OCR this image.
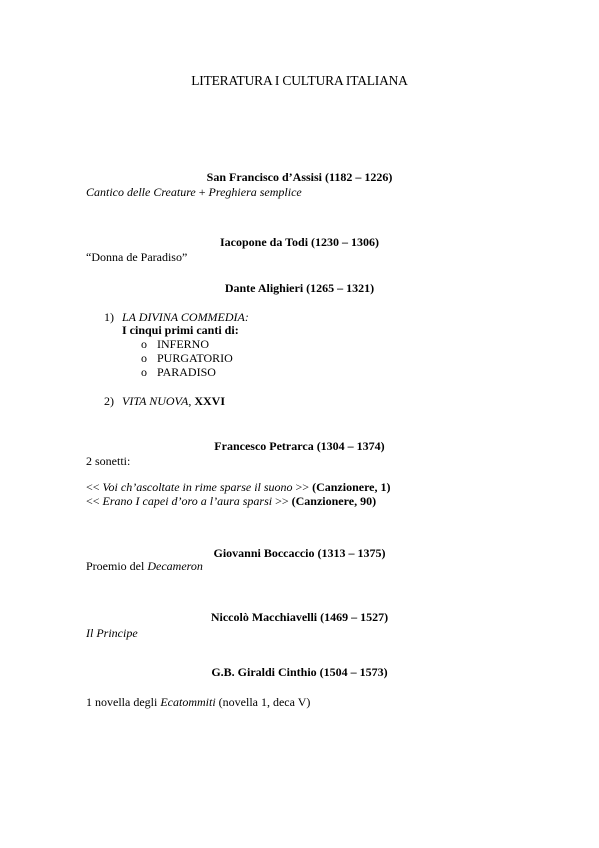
LITERATURA I CULTURA ITALIANA
San Francisco d’Assisi (1182 – 1226)
Cantico delle Creature + Preghiera semplice
Iacopone da Todi (1230 – 1306)
“Donna de Paradiso”
Dante Alighieri (1265 – 1321)
1) LA DIVINA COMMEDIA:
I cinqui primi canti di:
o INFERNO
o PURGATORIO
o PARADISO
2) VITA NUOVA, XXVI
Francesco Petrarca (1304 – 1374)
2 sonetti:
<< Voi ch’ascoltate in rime sparse il suono >> (Canzionere, 1)
<< Erano I capei d’oro a l’aura sparsi >> (Canzionere, 90)
Giovanni Boccaccio (1313 – 1375)
Proemio del Decameron
Niccolò Macchiavelli (1469 – 1527)
Il Principe
G.B. Giraldi Cinthio (1504 – 1573)
1 novella degli Ecatommiti (novella 1, deca V)
